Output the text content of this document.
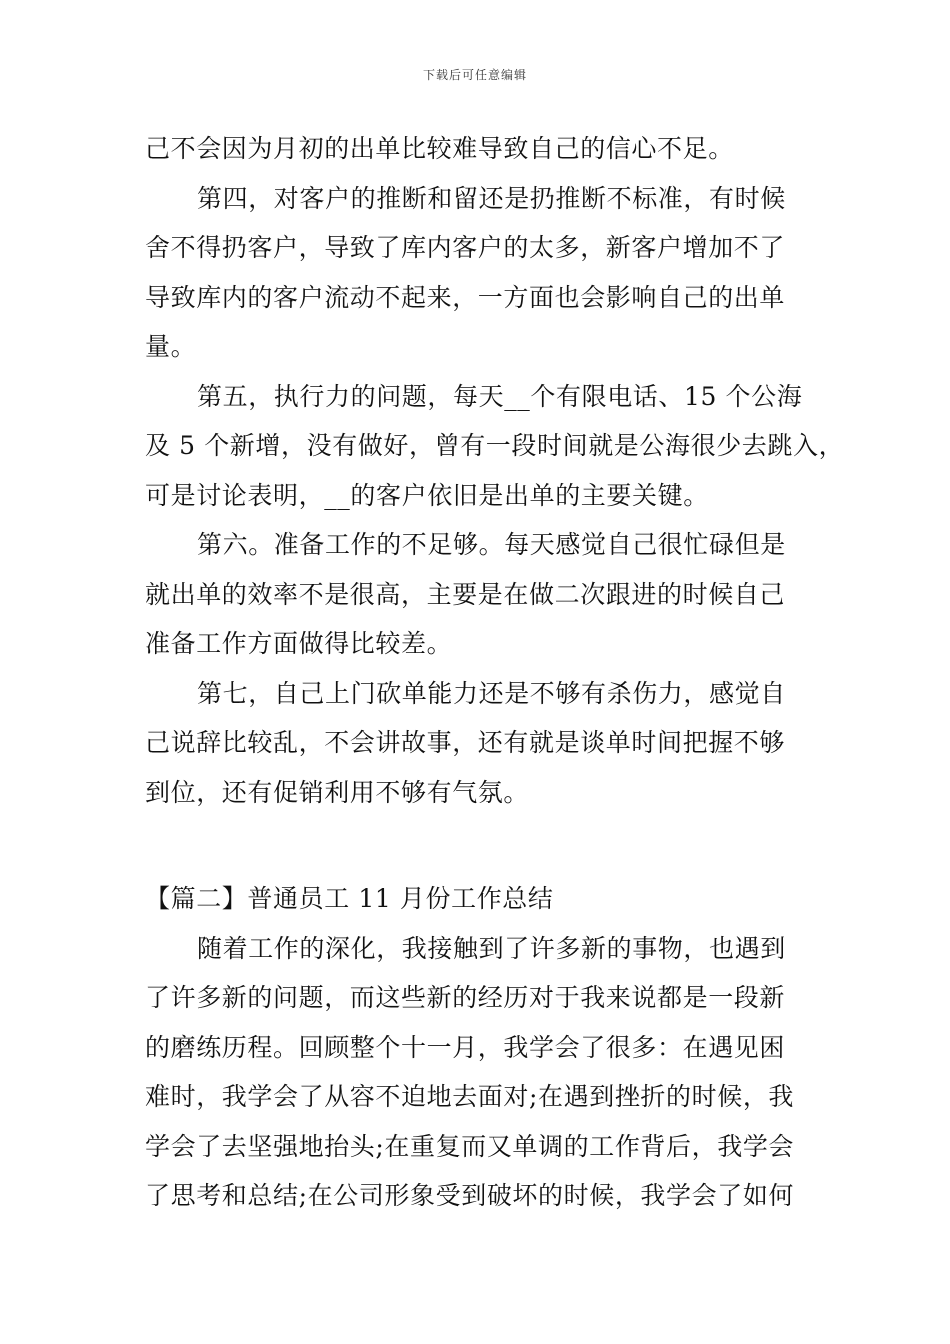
下载后可任意编辑
己不会因为月初的出单比较难导致自己的信心不足。
第四，对客户的推断和留还是扔推断不标准，有时候
舍不得扔客户，导致了库内客户的太多，新客户增加不了
导致库内的客户流动不起来，一方面也会影响自己的出单
量。
第五，执行力的问题，每天__个有限电话、15 个公海
及 5 个新增，没有做好，曾有一段时间就是公海很少去跳入，
可是讨论表明，__的客户依旧是出单的主要关键。
第六。准备工作的不足够。每天感觉自己很忙碌但是
就出单的效率不是很高，主要是在做二次跟进的时候自己
准备工作方面做得比较差。
第七，自己上门砍单能力还是不够有杀伤力，感觉自
己说辞比较乱，不会讲故事，还有就是谈单时间把握不够
到位，还有促销利用不够有气氛。
【篇二】普通员工 11 月份工作总结
随着工作的深化，我接触到了许多新的事物，也遇到
了许多新的问题，而这些新的经历对于我来说都是一段新
的磨练历程。回顾整个十一月，我学会了很多：在遇见困
难时，我学会了从容不迫地去面对;在遇到挫折的时候，我
学会了去坚强地抬头;在重复而又单调的工作背后，我学会
了思考和总结;在公司形象受到破坏的时候，我学会了如何
